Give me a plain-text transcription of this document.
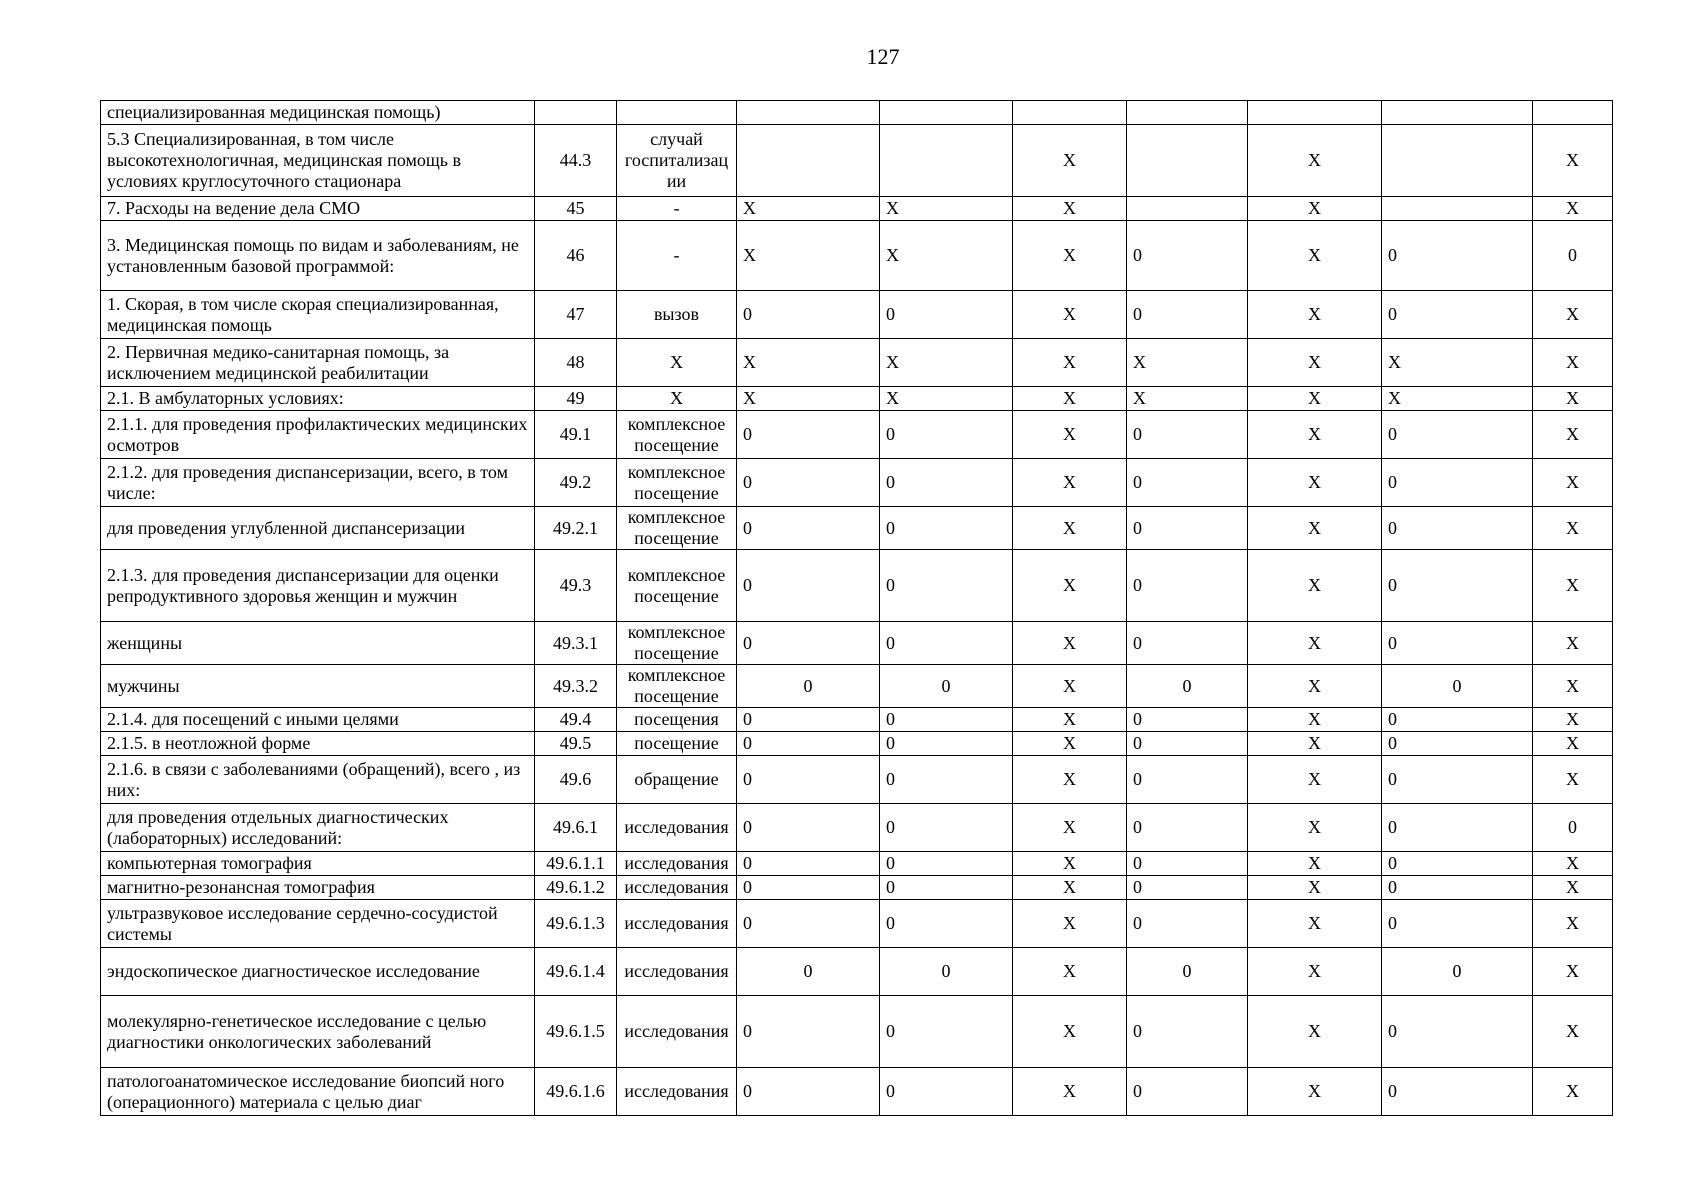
127
специализированная медицинская помощь)									
5.3 Специализированная, в том числе высокотехнологичная, медицинская помощь в условиях круглосуточного стационара	44.3	случай госпитализац ии			X		X		X
7. Расходы на ведение дела СМО	45	-	X	X	X		X		X
3. Медицинская помощь по видам и заболеваниям, не установленным базовой программой:	46	-	X	X	X	0	X	0	0
1. Скорая, в том числе скорая специализированная, медицинская помощь	47	вызов	0	0	X	0	X	0	X
2. Первичная медико-санитарная помощь, за исключением медицинской реабилитации	48	X	X	X	X	X	X	X	X
2.1. В амбулаторных условиях:	49	X	X	X	X	X	X	X	X
2.1.1. для проведения профилактических медицинских осмотров	49.1	комплексное посещение	0	0	X	0	X	0	X
2.1.2. для проведения диспансеризации, всего, в том числе:	49.2	комплексное посещение	0	0	X	0	X	0	X
для проведения углубленной диспансеризации	49.2.1	комплексное посещение	0	0	X	0	X	0	X
2.1.3. для проведения диспансеризации для оценки репродуктивного здоровья женщин и мужчин	49.3	комплексное посещение	0	0	X	0	X	0	X
женщины	49.3.1	комплексное посещение	0	0	X	0	X	0	X
мужчины	49.3.2	комплексное посещение	0	0	X	0	X	0	X
2.1.4. для посещений с иными целями	49.4	посещения	0	0	X	0	X	0	X
2.1.5. в неотложной форме	49.5	посещение	0	0	X	0	X	0	X
2.1.6. в связи с заболеваниями (обращений), всего , из них:	49.6	обращение	0	0	X	0	X	0	X
для проведения отдельных диагностических (лабораторных) исследований:	49.6.1	исследования	0	0	X	0	X	0	0
компьютерная томография	49.6.1.1	исследования	0	0	X	0	X	0	X
магнитно-резонансная томография	49.6.1.2	исследования	0	0	X	0	X	0	X
ультразвуковое исследование сердечно-сосудистой системы	49.6.1.3	исследования	0	0	X	0	X	0	X
эндоскопическое диагностическое исследование	49.6.1.4	исследования	0	0	X	0	X	0	X
молекулярно-генетическое исследование с целью диагностики онкологических заболеваний	49.6.1.5	исследования	0	0	X	0	X	0	X
патологоанатомическое исследование биопсий ного (операционного) материала с целью диаг	49.6.1.6	исследования	0	0	X	0	X	0	X
